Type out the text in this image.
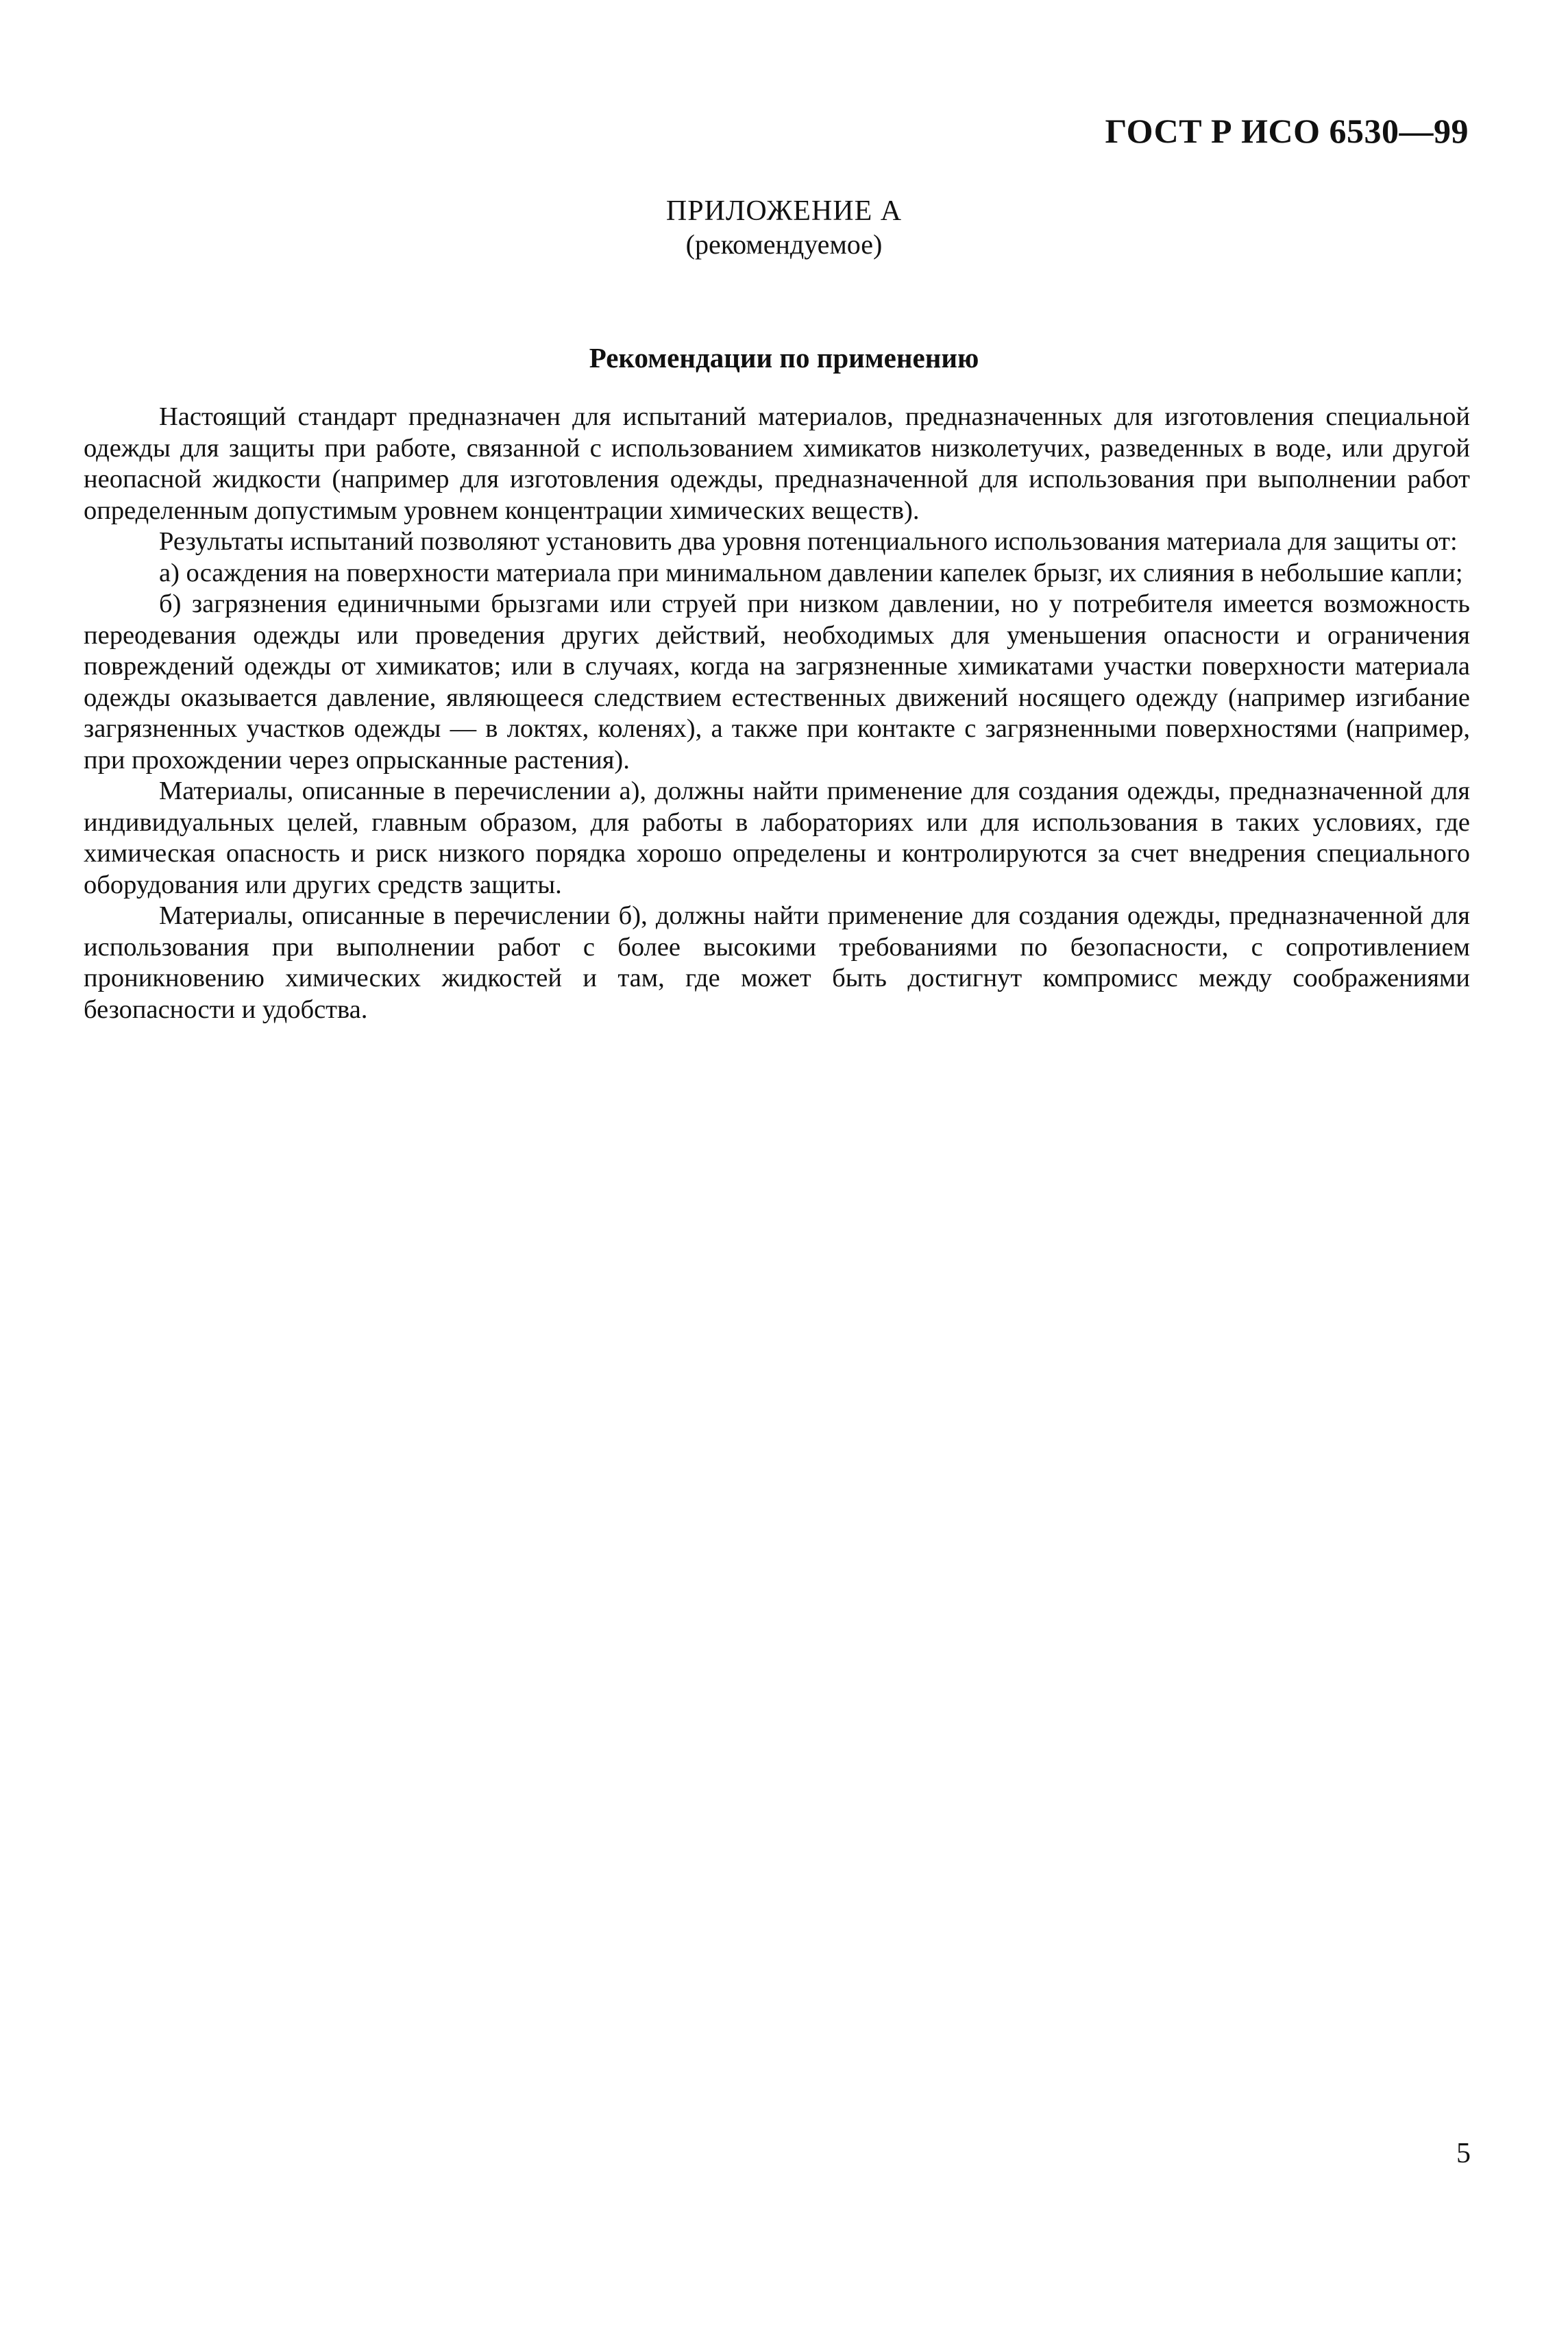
ГОСТ Р ИСО 6530—99

ПРИЛОЖЕНИЕ А
(рекомендуемое)
Рекомендации по применению

Настоящий стандарт предназначен для испытаний материалов, предназначенных для изготовления специальной одежды для защиты при работе, связанной с использованием химикатов низколетучих, разведенных в воде, или другой неопасной жидкости (например для изготовления одежды, предназначенной для использования при выполнении работ определенным допустимым уровнем концентрации химических веществ).

Результаты испытаний позволяют установить два уровня потенциального использования материала для защиты от:

а) осаждения на поверхности материала при минимальном давлении капелек брызг, их слияния в небольшие капли;

б) загрязнения единичными брызгами или струей при низком давлении, но у потребителя имеется возможность переодевания одежды или проведения других действий, необходимых для уменьшения опасности и ограничения повреждений одежды от химикатов; или в случаях, когда на загрязненные химикатами участки поверхности материала одежды оказывается давление, являющееся следствием естественных движений носящего одежду (например изгибание загрязненных участков одежды — в локтях, коленях), а также при контакте с загрязненными поверхностями (например, при прохождении через опрысканные растения).

Материалы, описанные в перечислении а), должны найти применение для создания одежды, предназначенной для индивидуальных целей, главным образом, для работы в лабораториях или для использования в таких условиях, где химическая опасность и риск низкого порядка хорошо определены и контролируются за счет внедрения специального оборудования или других средств защиты.

Материалы, описанные в перечислении б), должны найти применение для создания одежды, предназначенной для использования при выполнении работ с более высокими требованиями по безопасности, с сопротивлением проникновению химических жидкостей и там, где может быть достигнут компромисс между соображениями безопасности и удобства.

5
